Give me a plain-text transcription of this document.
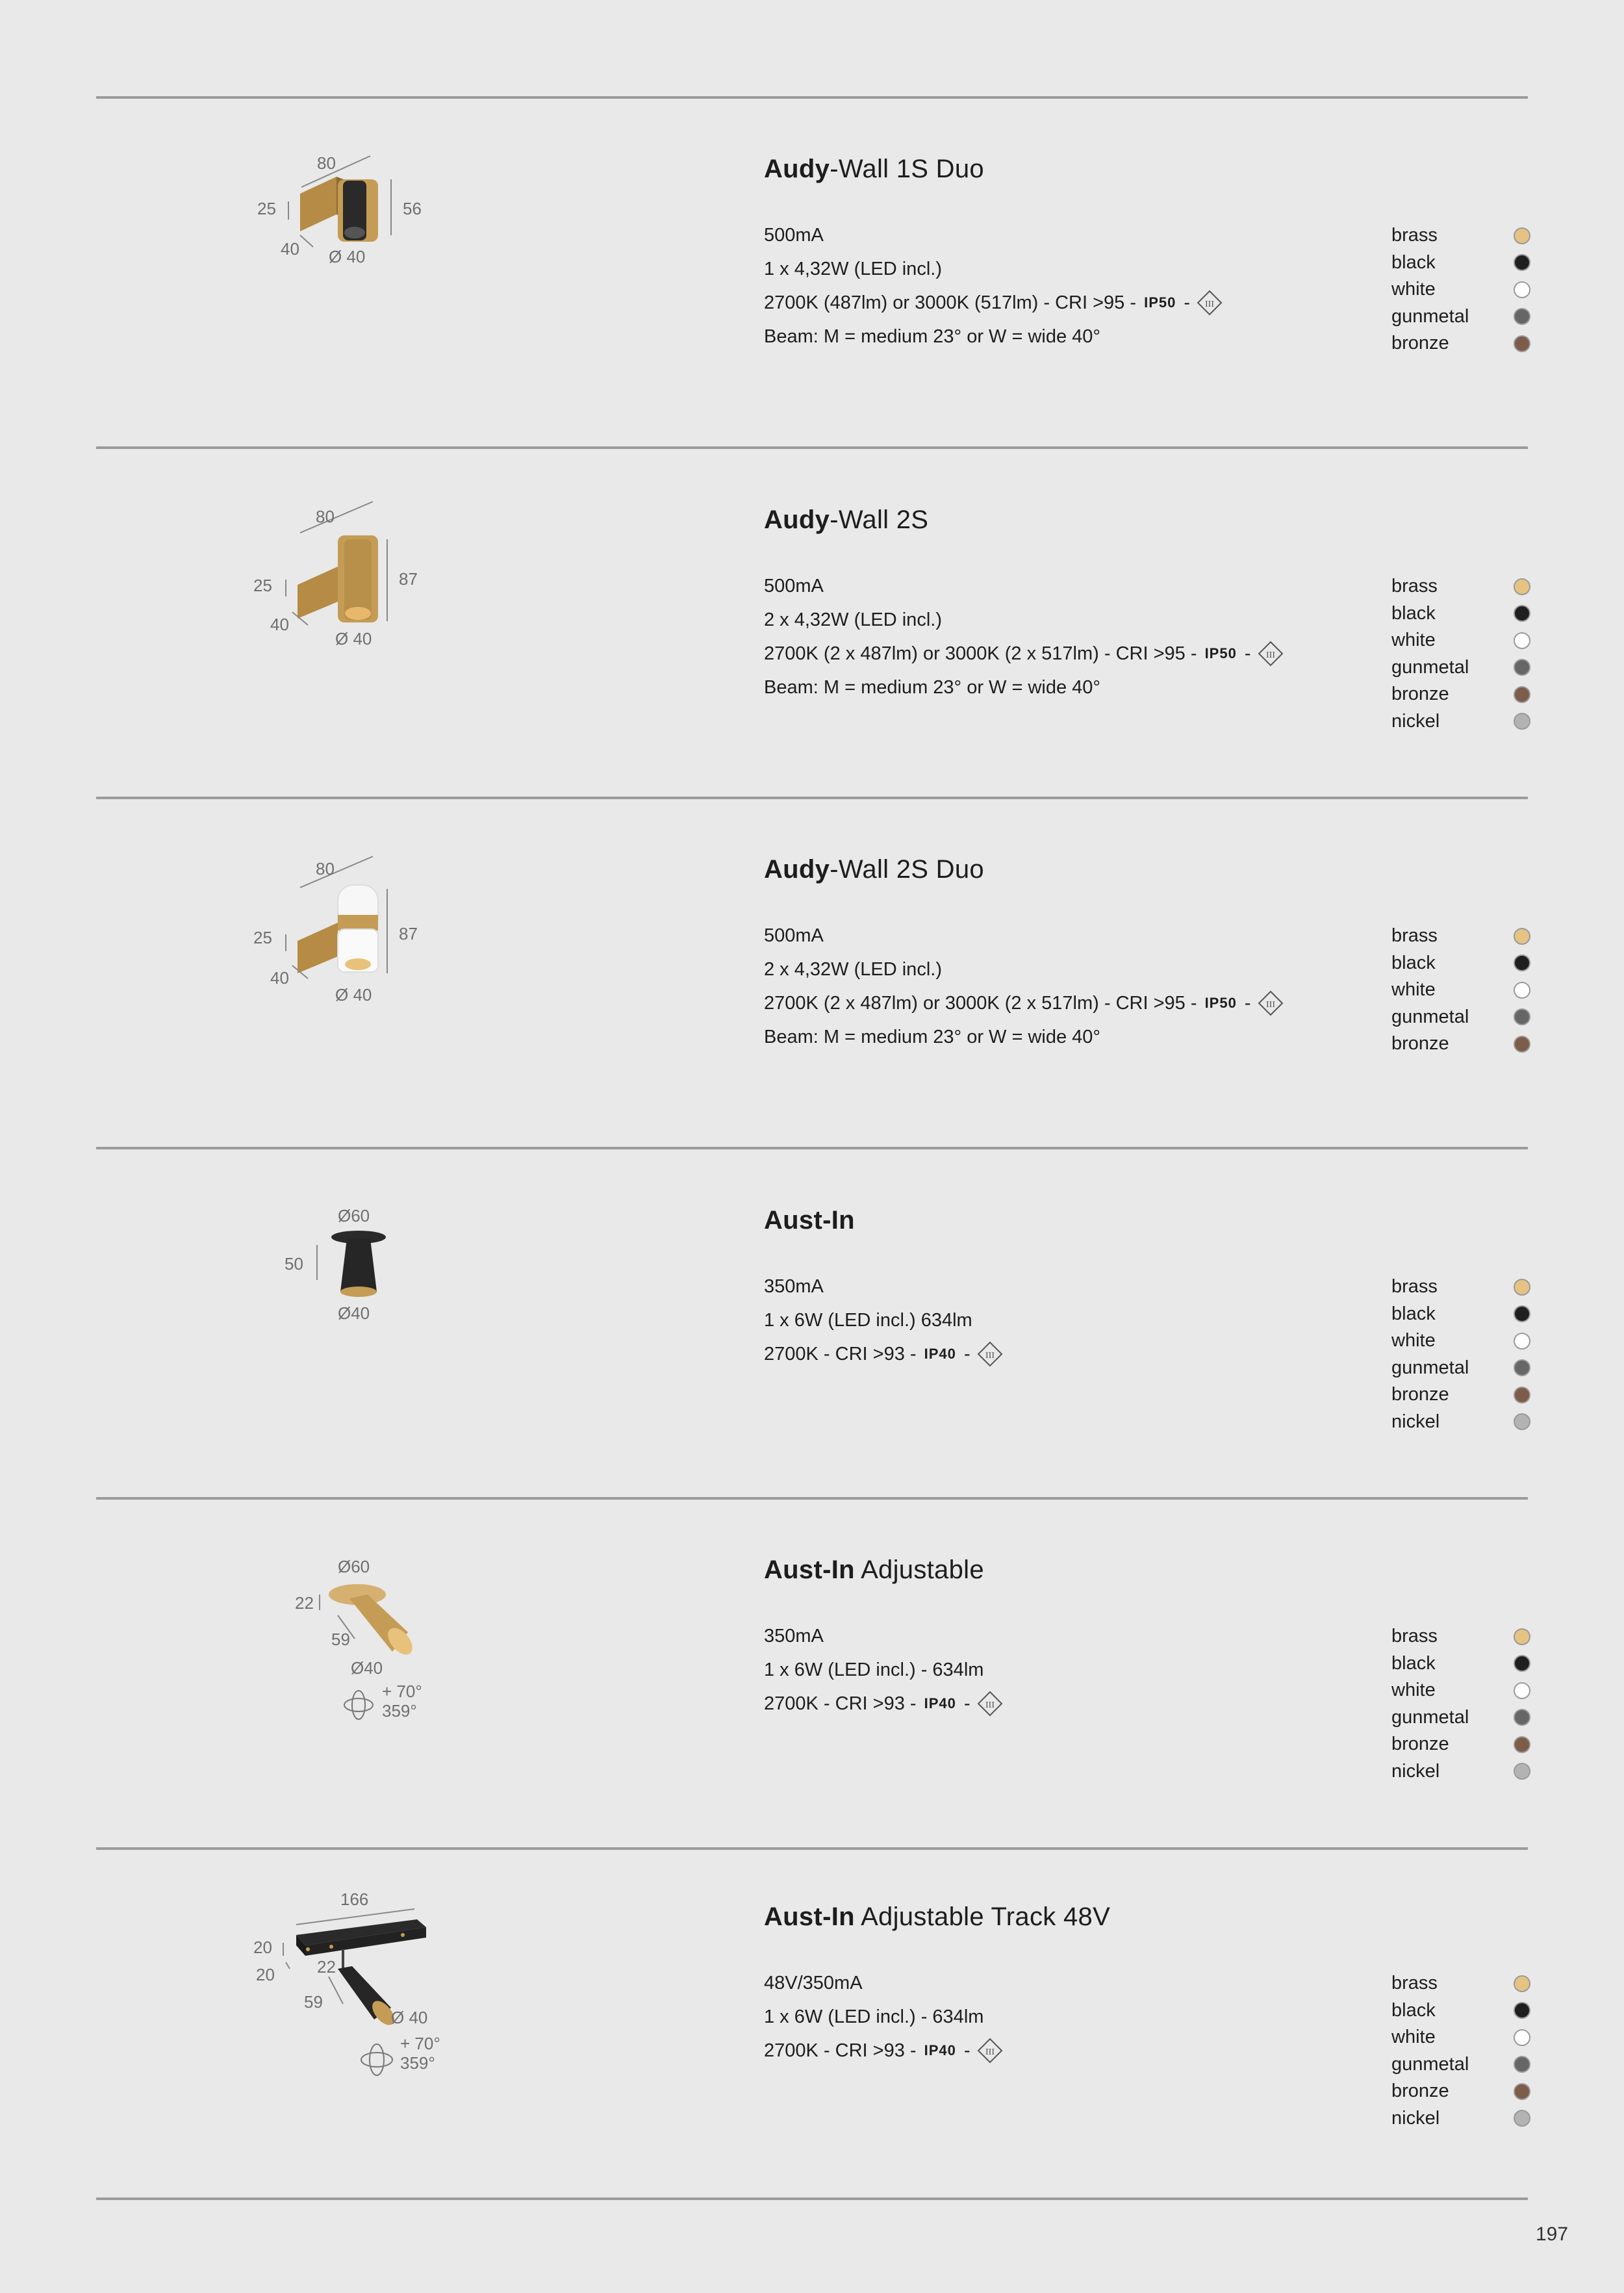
80
25	56
40 Ø 40
Audy-Wall 1S Duo
500mA
1 x 4,32W (LED incl.)
2700K (487lm) or 3000K (517lm) - CRI >95 -
IP50
- III
Beam: M = medium 23° or W = wide 40°
brass
black
white
gunmetal
bronze
80
25	87
40
Ø 40
Audy-Wall 2S
500mA
2 x 4,32W (LED incl.)
2700K (2 x 487lm) or 3000K (2 x 517lm) - CRI >95 -
IP50
- III
Beam: M = medium 23° or W = wide 40°
brass
black
white
gunmetal
bronze
nickel
80
25	87
40
Ø 40
Audy-Wall 2S Duo
500mA
2 x 4,32W (LED incl.)
2700K (2 x 487lm) or 3000K (2 x 517lm) - CRI >95 -
IP50
- III
Beam: M = medium 23° or W = wide 40°
brass
black
white
gunmetal
bronze
Ø60
50
Ø40
Aust-In
350mA
1 x 6W (LED incl.) 634lm
2700K - CRI >93 -
IP40
- III
brass
black
white
gunmetal
bronze
nickel
Ø60
22
59
Ø40
+ 70°
359°
Aust-In Adjustable
350mA
1 x 6W (LED incl.) - 634lm
2700K - CRI >93 -
IP40
- III
brass
black
white
gunmetal
bronze
nickel
166
20
20	22
59
Ø 40
+ 70°
359°
Aust-In Adjustable Track 48V
48V/350mA
1 x 6W (LED incl.) - 634lm
2700K - CRI >93 -
IP40
- III
brass
black
white
gunmetal
bronze
nickel
197
